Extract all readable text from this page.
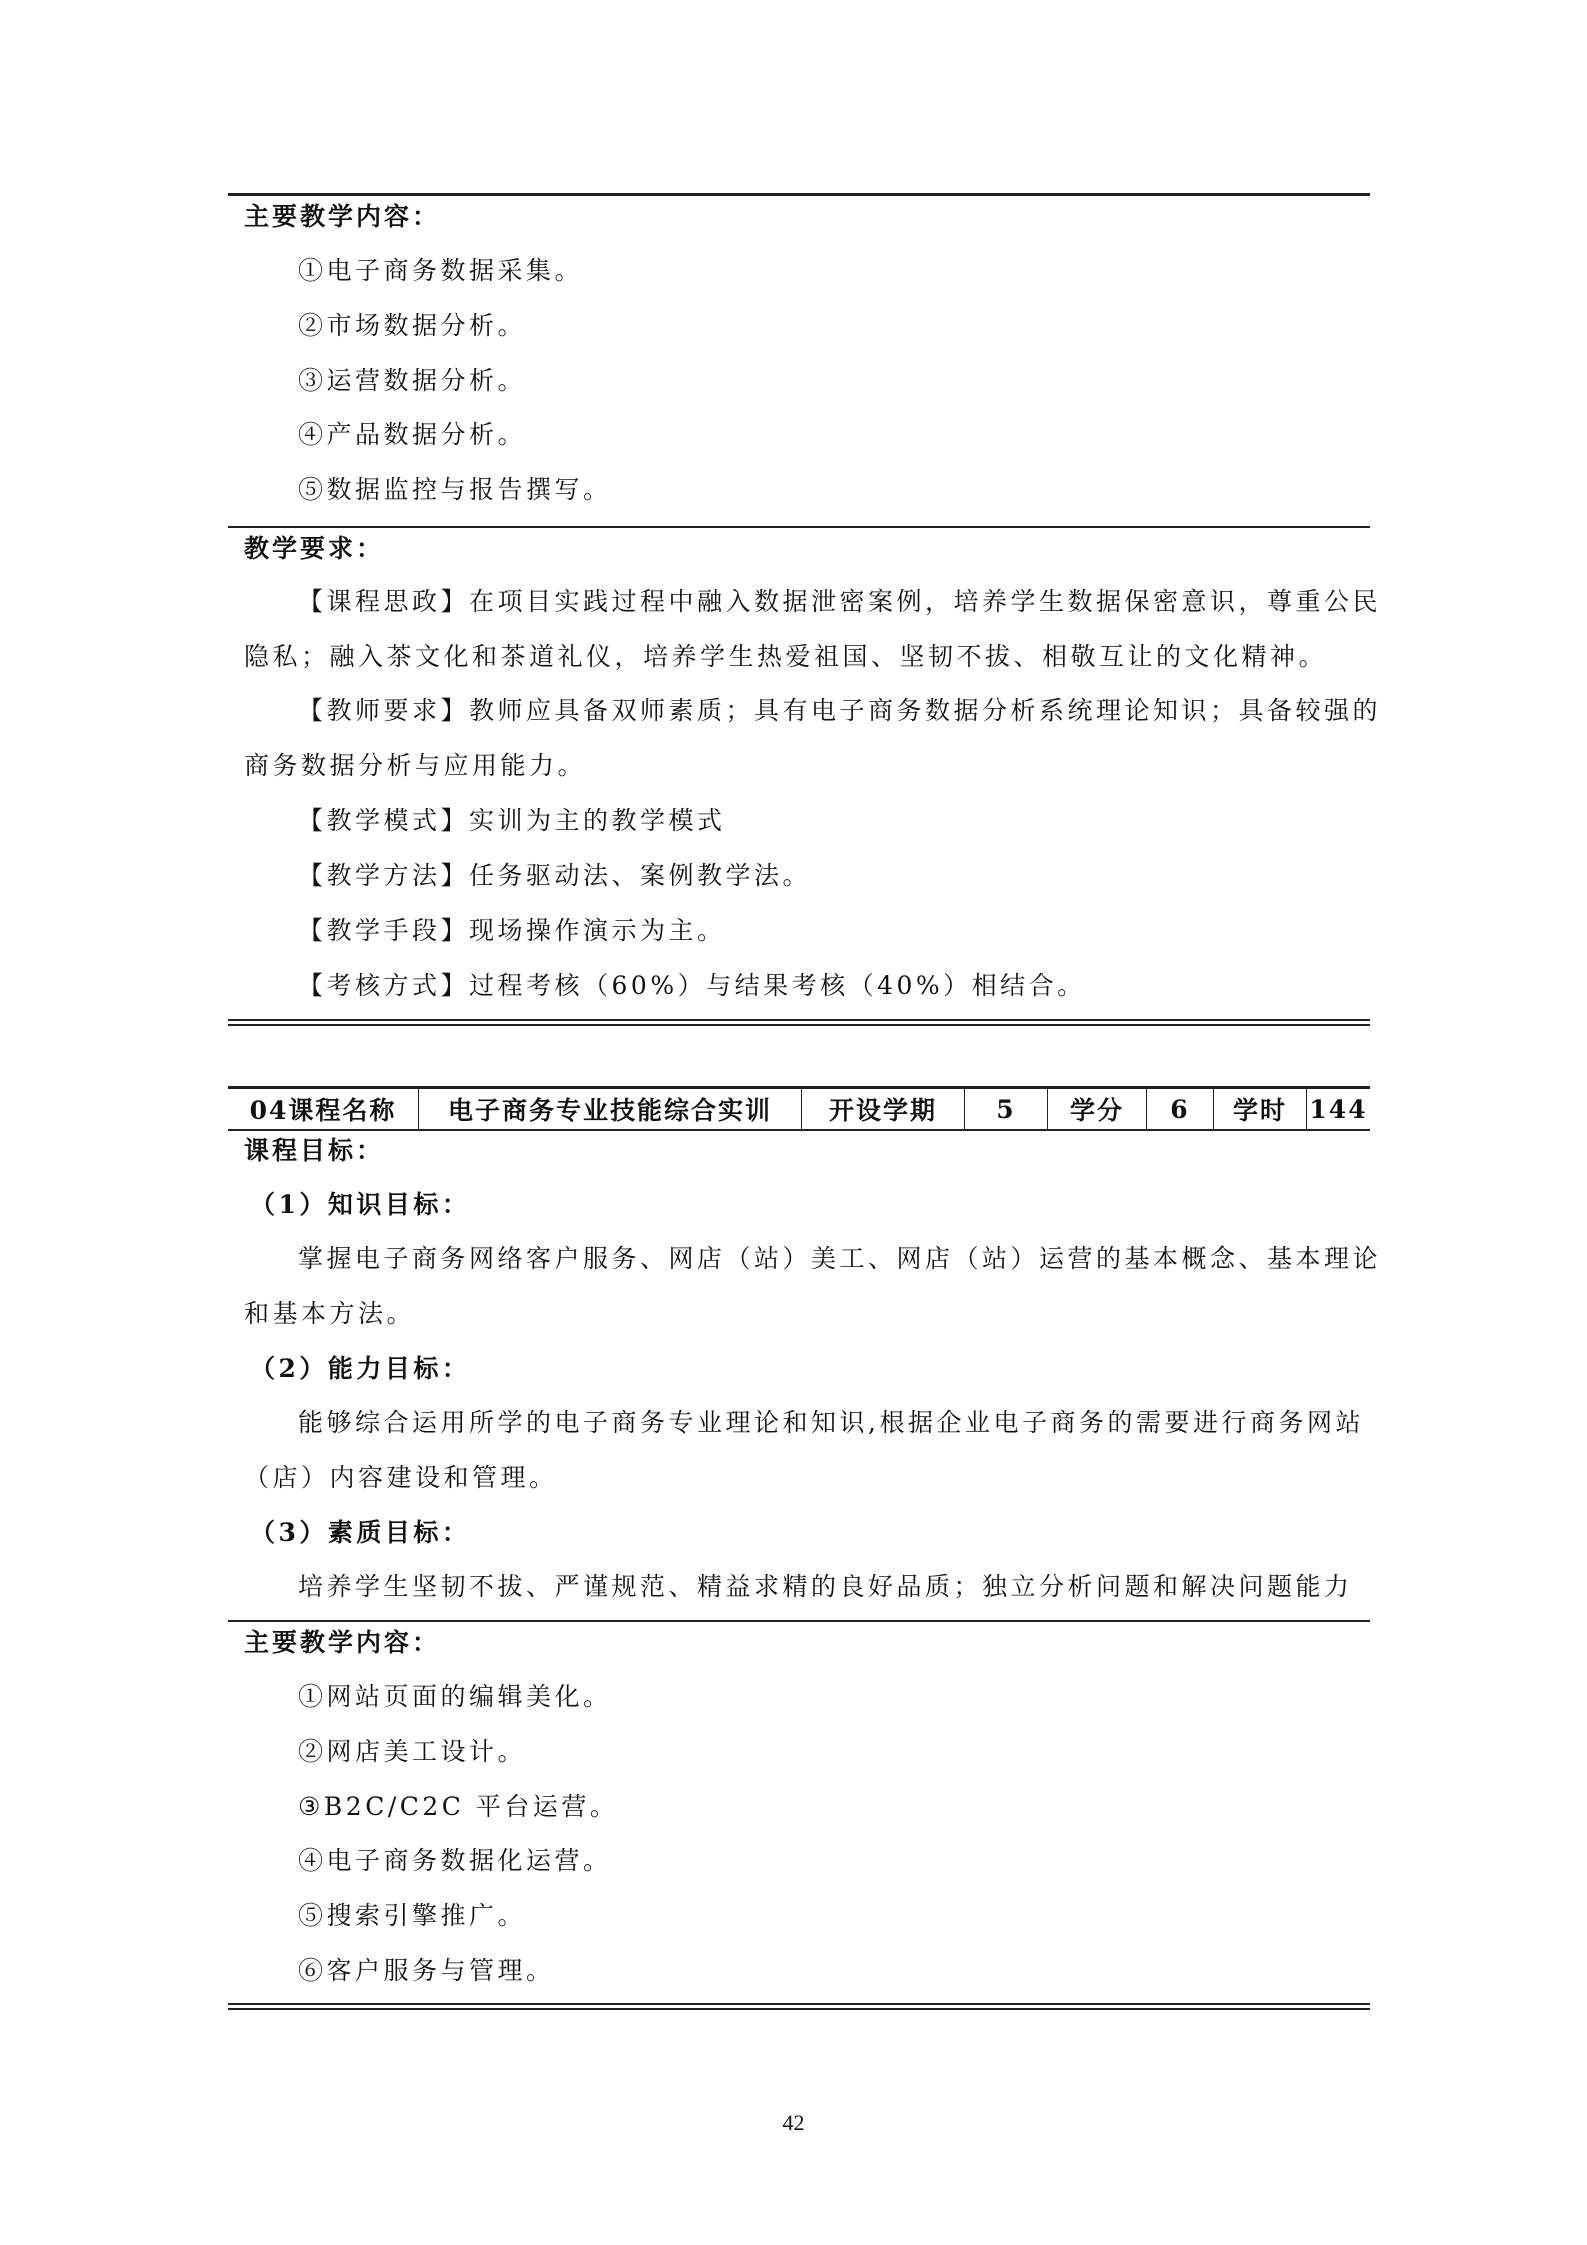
主要教学内容：
①电子商务数据采集。
②市场数据分析。
③运营数据分析。
④产品数据分析。
⑤数据监控与报告撰写。
教学要求：
【课程思政】在项目实践过程中融入数据泄密案例，培养学生数据保密意识，尊重公民
隐私；融入茶文化和茶道礼仪，培养学生热爱祖国、坚韧不拔、相敬互让的文化精神。
【教师要求】教师应具备双师素质；具有电子商务数据分析系统理论知识；具备较强的
商务数据分析与应用能力。
【教学模式】实训为主的教学模式
【教学方法】任务驱动法、案例教学法。
【教学手段】现场操作演示为主。
【考核方式】过程考核（60%）与结果考核（40%）相结合。
04课程名称	电子商务专业技能综合实训	开设学期	5	学分	6	学时	144
课程目标：
（1）知识目标：
掌握电子商务网络客户服务、网店（站）美工、网店（站）运营的基本概念、基本理论
和基本方法。
（2）能力目标：
能够综合运用所学的电子商务专业理论和知识,根据企业电子商务的需要进行商务网站
（店）内容建设和管理。
（3）素质目标：
培养学生坚韧不拔、严谨规范、精益求精的良好品质；独立分析问题和解决问题能力
主要教学内容：
①网站页面的编辑美化。
②网店美工设计。
③B2C/C2C 平台运营。
④电子商务数据化运营。
⑤搜索引擎推广。
⑥客户服务与管理。
42
